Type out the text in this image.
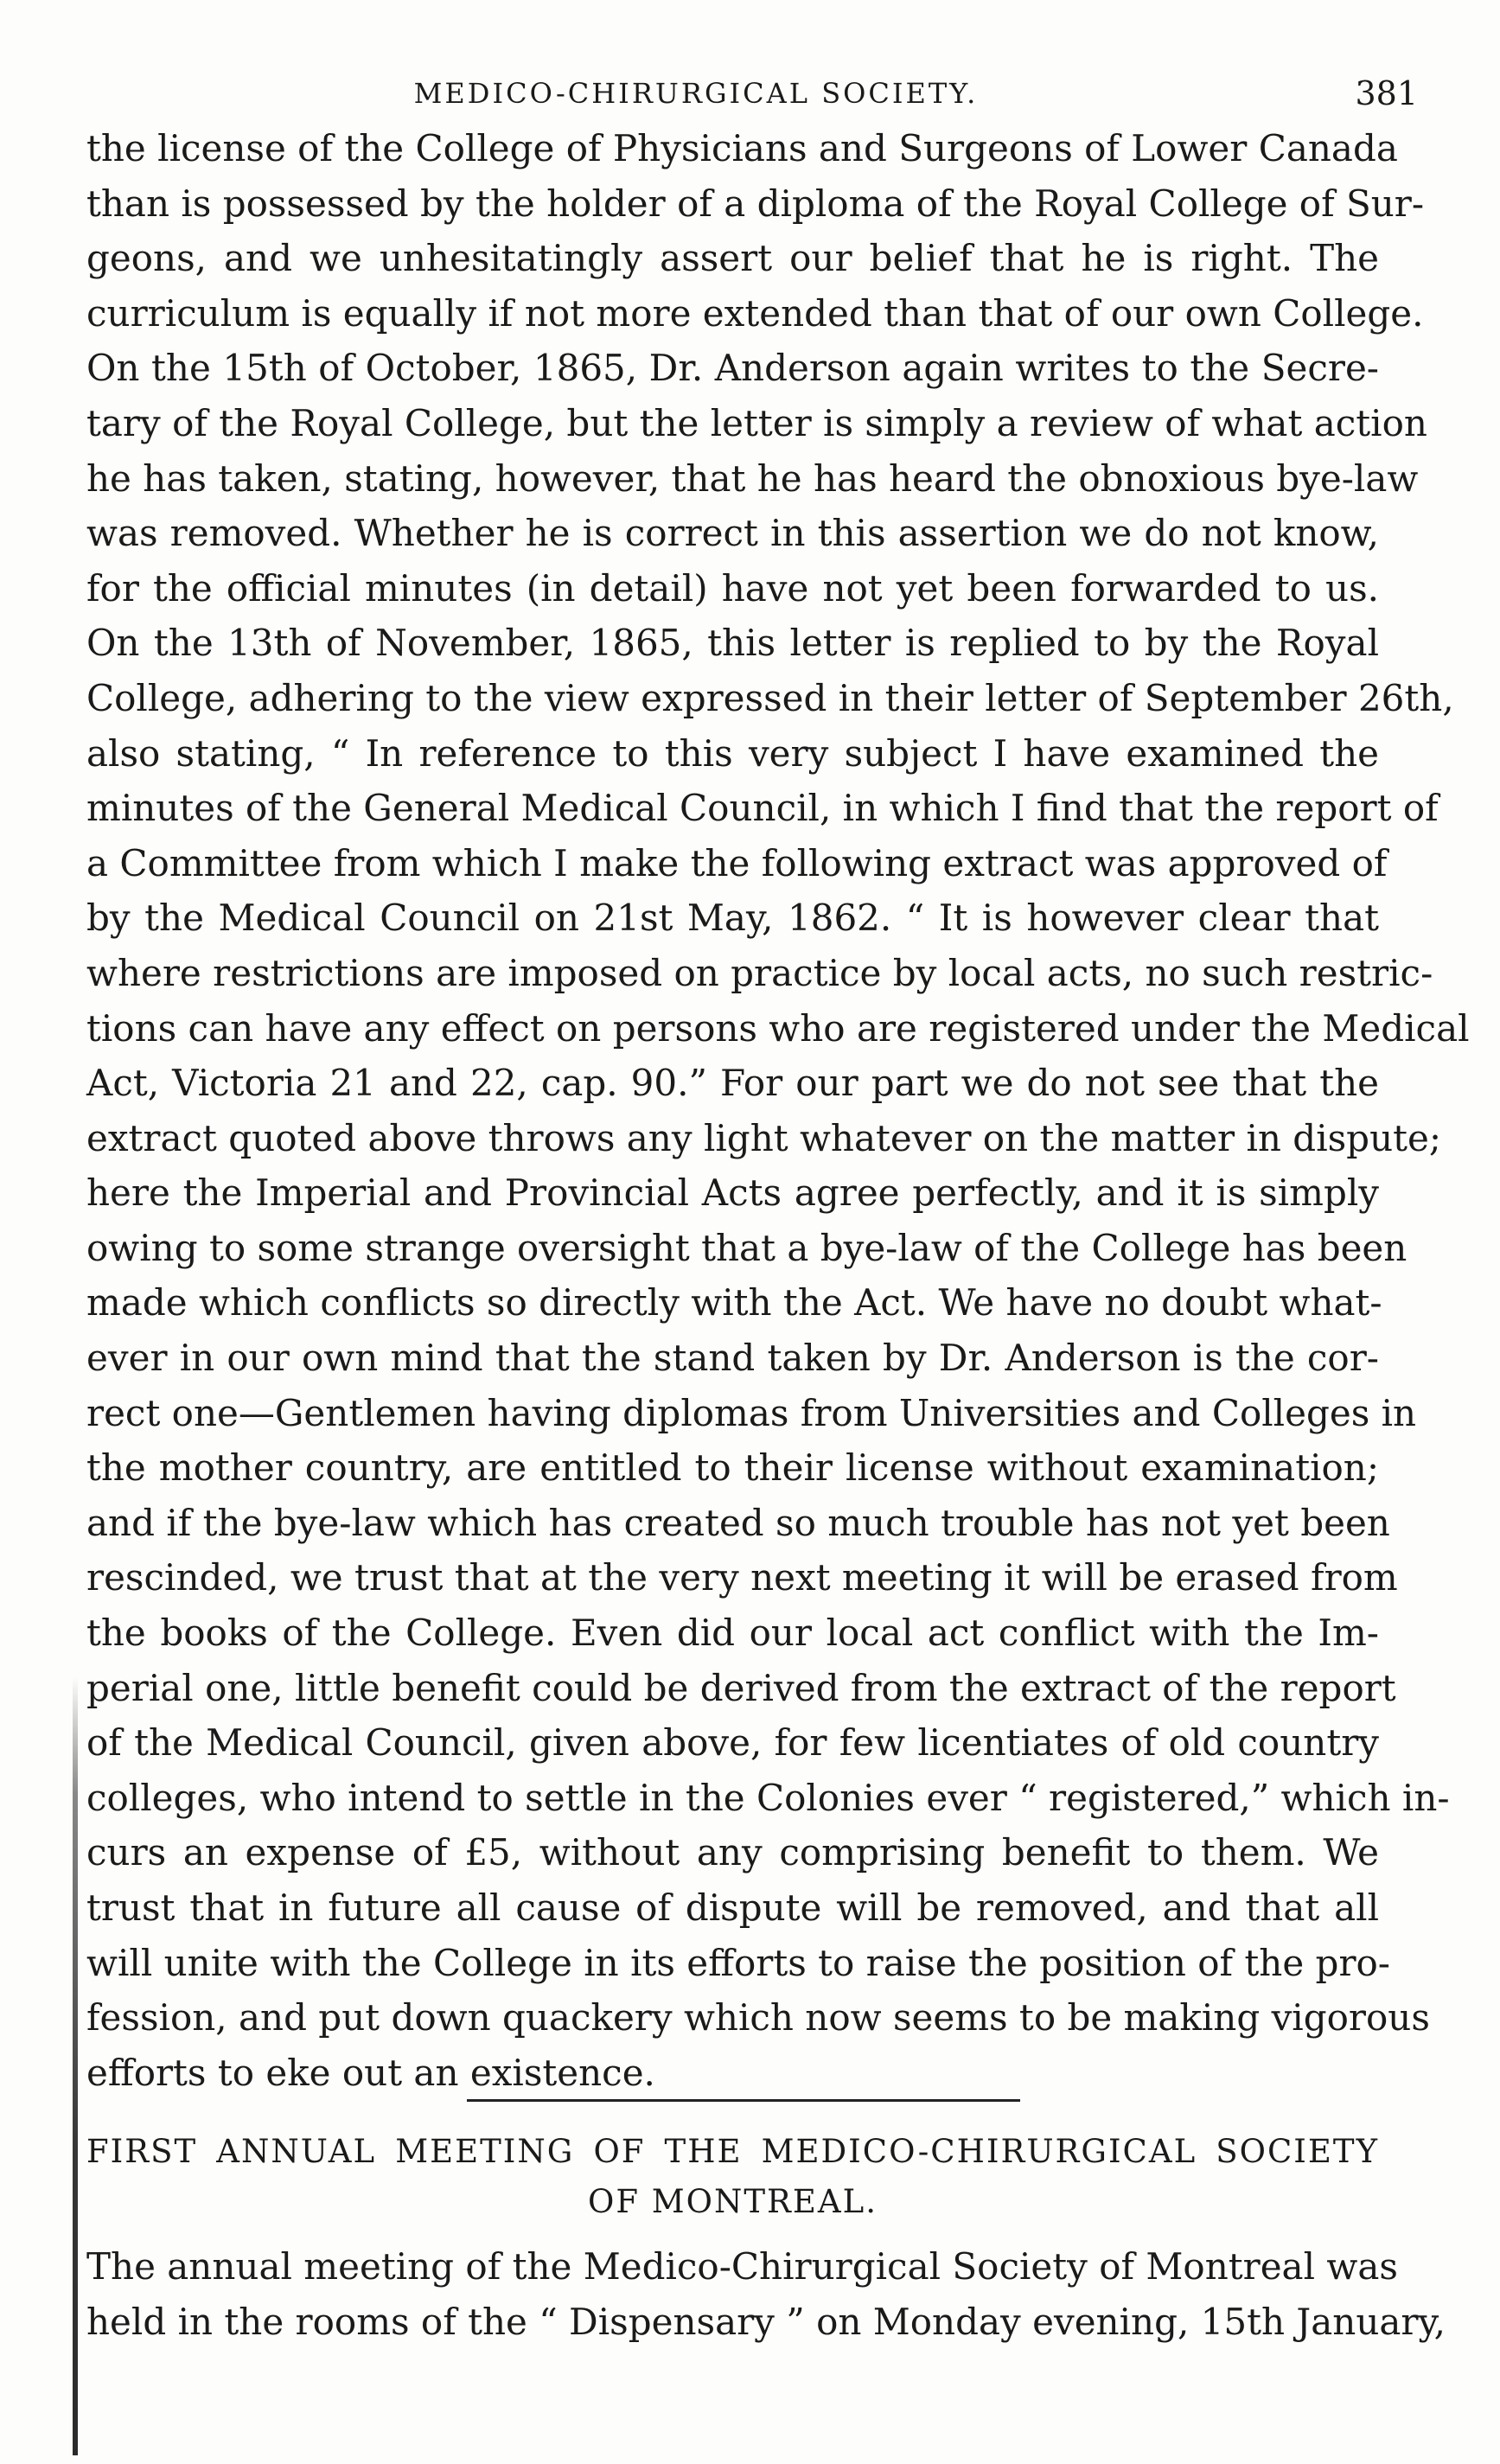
MEDICO-CHIRURGICAL SOCIETY.	381
the license of the College of Physicians and Surgeons of Lower Canada
than is possessed by the holder of a diploma of the Royal College of Sur-
geons, and we unhesitatingly assert our belief that he is right. The
curriculum is equally if not more extended than that of our own College.
On the 15th of October, 1865, Dr. Anderson again writes to the Secre-
tary of the Royal College, but the letter is simply a review of what action
he has taken, stating, however, that he has heard the obnoxious bye-law
was removed. Whether he is correct in this assertion we do not know,
for the official minutes (in detail) have not yet been forwarded to us.
On the 13th of November, 1865, this letter is replied to by the Royal
College, adhering to the view expressed in their letter of September 26th,
also stating, “ In reference to this very subject I have examined the
minutes of the General Medical Council, in which I find that the report of
a Committee from which I make the following extract was approved of
by the Medical Council on 21st May, 1862. “ It is however clear that
where restrictions are imposed on practice by local acts, no such restric-
tions can have any effect on persons who are registered under the Medical
Act, Victoria 21 and 22, cap. 90.” For our part we do not see that the
extract quoted above throws any light whatever on the matter in dispute;
here the Imperial and Provincial Acts agree perfectly, and it is simply
owing to some strange oversight that a bye-law of the College has been
made which conflicts so directly with the Act. We have no doubt what-
ever in our own mind that the stand taken by Dr. Anderson is the cor-
rect one—Gentlemen having diplomas from Universities and Colleges in
the mother country, are entitled to their license without examination;
and if the bye-law which has created so much trouble has not yet been
rescinded, we trust that at the very next meeting it will be erased from
the books of the College. Even did our local act conflict with the Im-
perial one, little benefit could be derived from the extract of the report
of the Medical Council, given above, for few licentiates of old country
colleges, who intend to settle in the Colonies ever “ registered,” which in-
curs an expense of £5, without any comprising benefit to them. We
trust that in future all cause of dispute will be removed, and that all
will unite with the College in its efforts to raise the position of the pro-
fession, and put down quackery which now seems to be making vigorous
efforts to eke out an existence.
FIRST ANNUAL MEETING OF THE MEDICO-CHIRURGICAL SOCIETY
OF MONTREAL.
The annual meeting of the Medico-Chirurgical Society of Montreal was
held in the rooms of the “ Dispensary ” on Monday evening, 15th January,
